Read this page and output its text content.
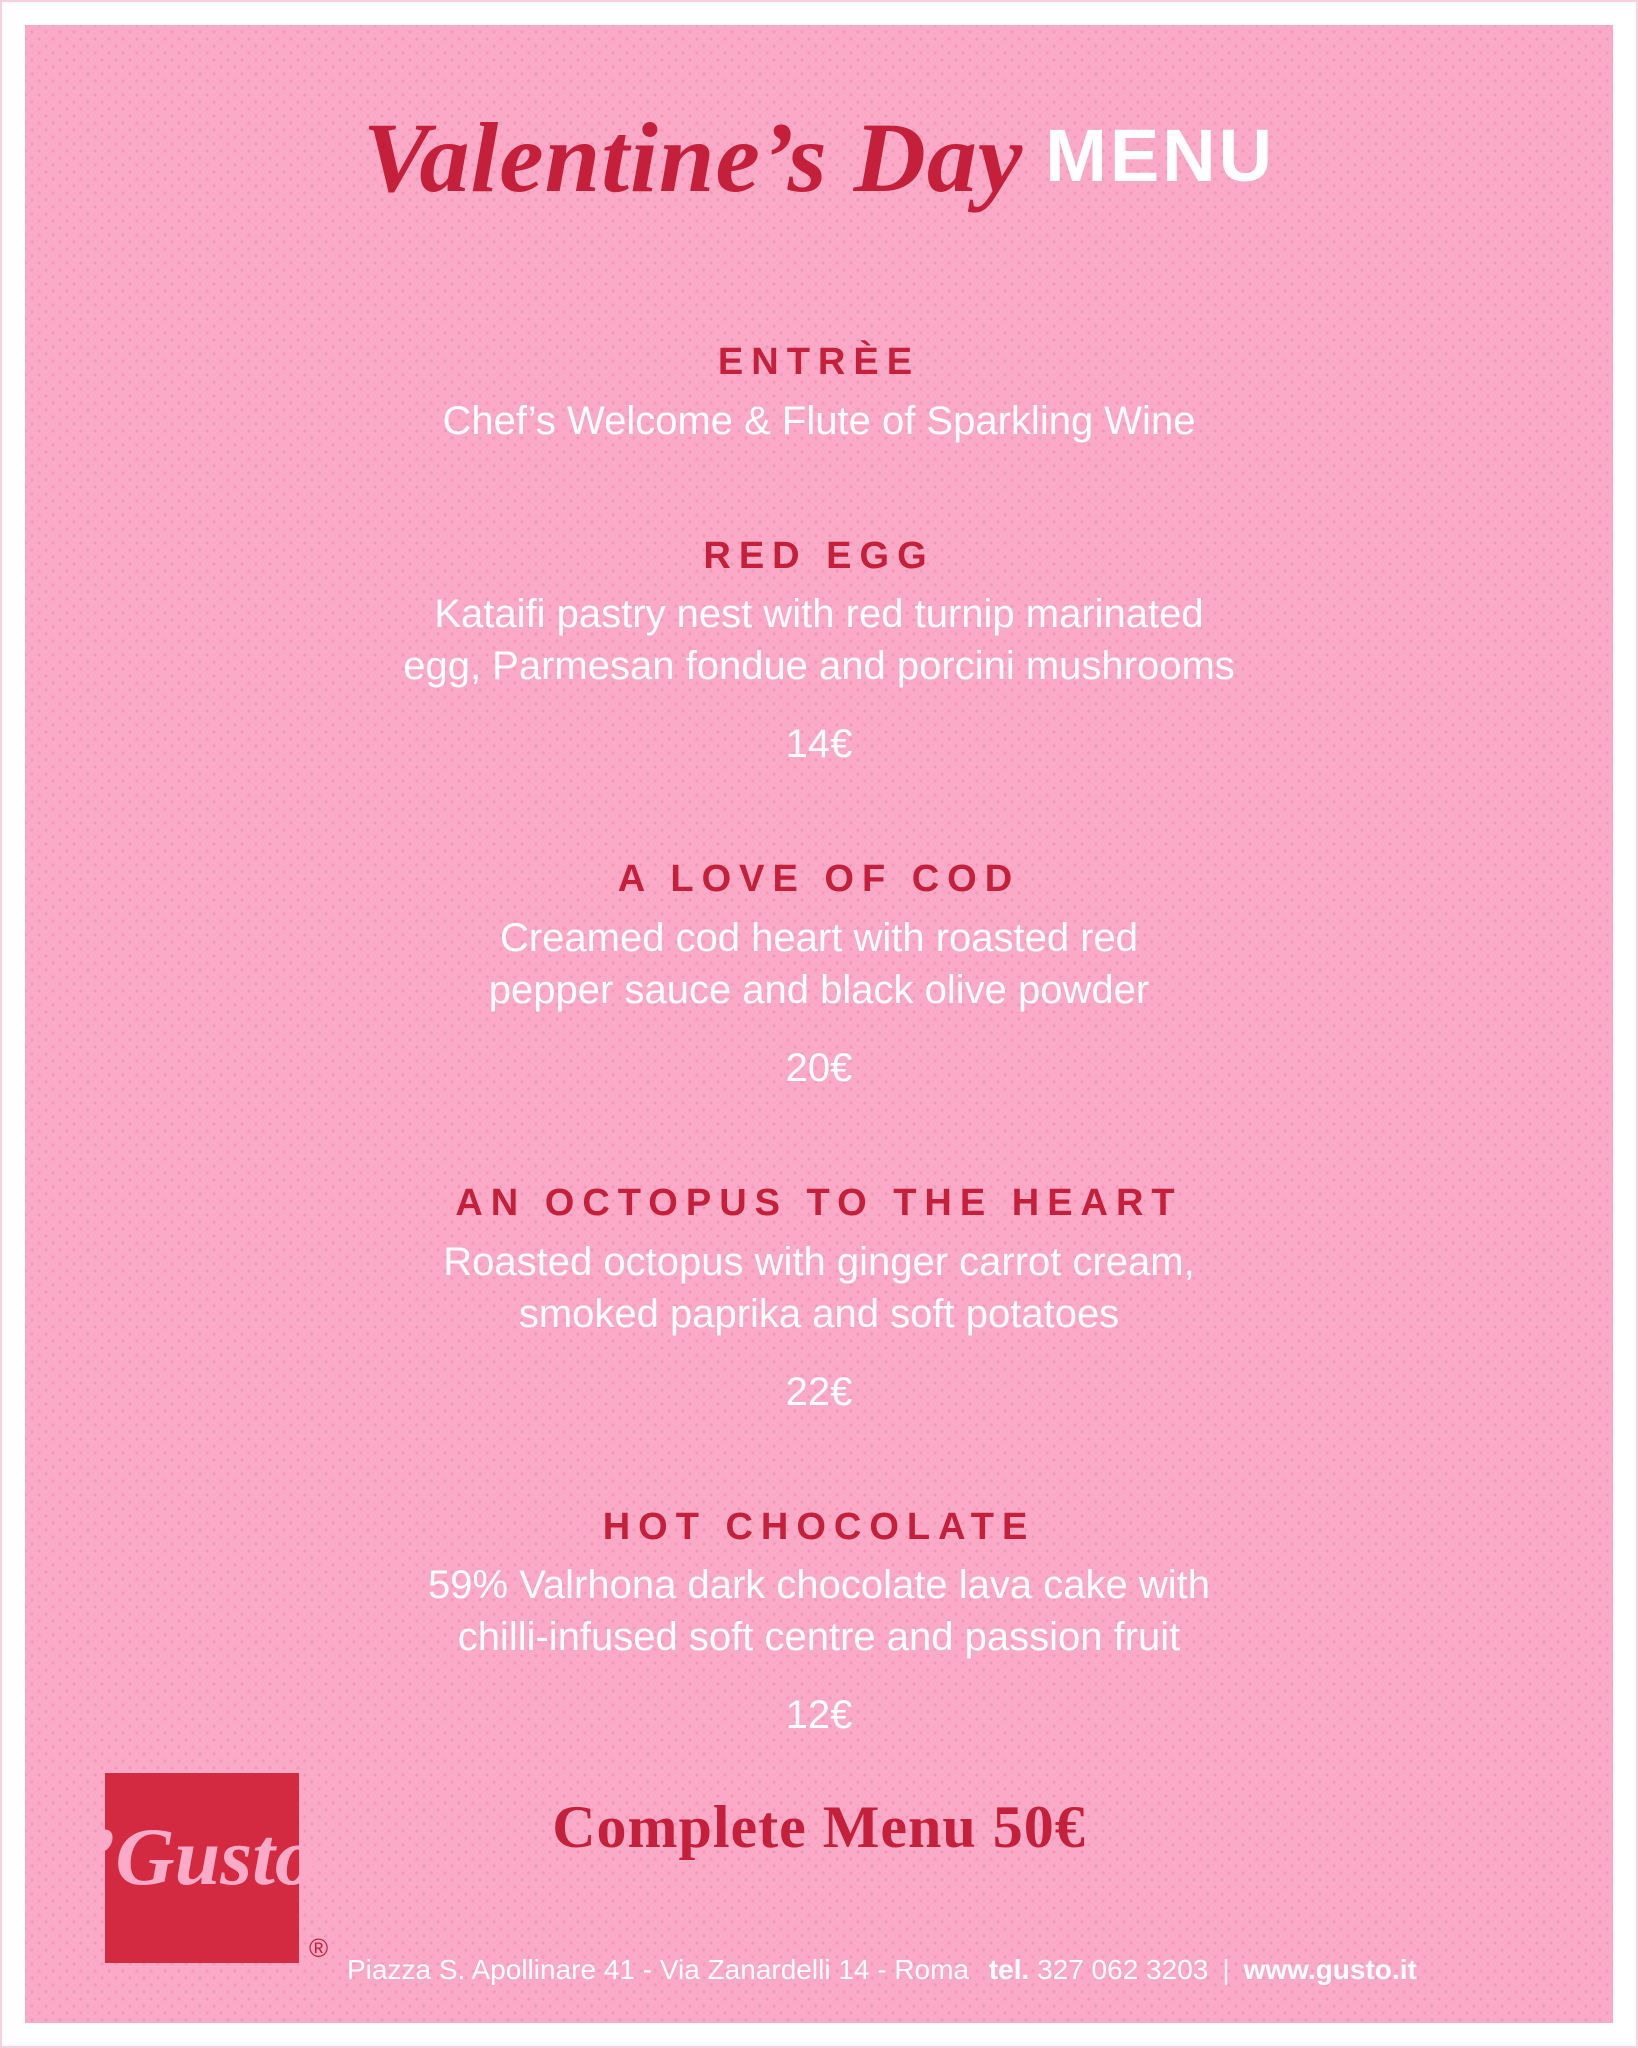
Valentine’s Day MENU
ENTRÈE

Chef’s Welcome & Flute of Sparkling Wine

RED EGG

Kataifi pastry nest with red turnip marinated
egg, Parmesan fondue and porcini mushrooms

14€
A LOVE OF COD

Creamed cod heart with roasted red
pepper sauce and black olive powder

20€
AN OCTOPUS TO THE HEART

Roasted octopus with ginger carrot cream,
smoked paprika and soft potatoes

22€
HOT CHOCOLATE

59% Valrhona dark chocolate lava cake with
chilli-infused soft centre and passion fruit

12€
Complete Menu 50€
’Gusto
®
Piazza S. Apollinare 41 - Via Zanardelli 14 - Roma tel. 327 062 3203 | www.gusto.it
